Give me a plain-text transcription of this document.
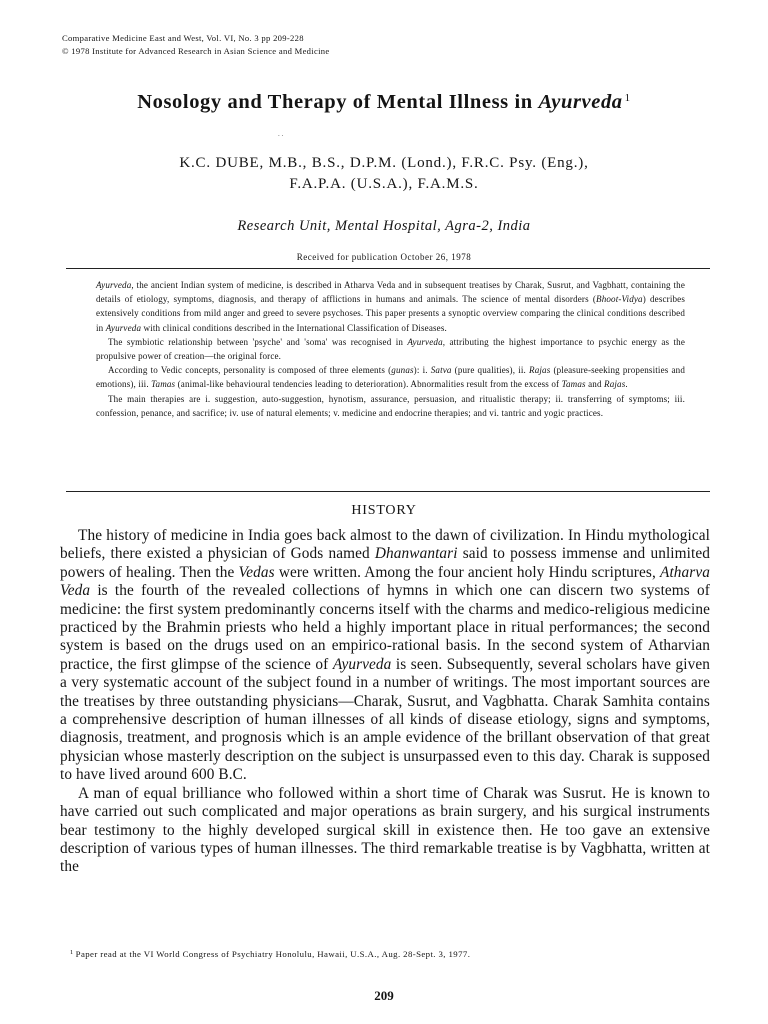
Comparative Medicine East and West, Vol. VI, No. 3 pp 209-228
© 1978 Institute for Advanced Research in Asian Science and Medicine
Nosology and Therapy of Mental Illness in Ayurveda $^1$
. .
K.C. DUBE, M.B., B.S., D.P.M. (Lond.), F.R.C. Psy. (Eng.),
F.A.P.A. (U.S.A.), F.A.M.S.
Research Unit, Mental Hospital, Agra-2, India
Received for publication October 26, 1978

Ayurveda, the ancient Indian system of medicine, is described in Atharva Veda and in subsequent treatises by Charak, Susrut, and Vagbhatt, containing the details of etiology, symptoms, diagnosis, and therapy of afflictions in humans and animals. The science of mental disorders (Bhoot-Vidya) describes extensively conditions from mild anger and greed to severe psychoses. This paper presents a synoptic overview comparing the clinical conditions described in Ayurveda with clinical conditions described in the International Classification of Diseases.

The symbiotic relationship between 'psyche' and 'soma' was recognised in Ayurveda, attributing the highest importance to psychic energy as the propulsive power of creation—the original force.

According to Vedic concepts, personality is composed of three elements (gunas): i. Satva (pure qualities), ii. Rajas (pleasure-seeking propensities and emotions), iii. Tamas (animal-like behavioural tendencies leading to deterioration). Abnormalities result from the excess of Tamas and Rajas.

The main therapies are i. suggestion, auto-suggestion, hynotism, assurance, persuasion, and ritualistic therapy; ii. transferring of symptoms; iii. confession, penance, and sacrifice; iv. use of natural elements; v. medicine and endocrine therapies; and vi. tantric and yogic practices.

HISTORY

The history of medicine in India goes back almost to the dawn of civilization. In Hindu mythological beliefs, there existed a physician of Gods named Dhanwantari said to possess immense and unlimited powers of healing. Then the Vedas were written. Among the four ancient holy Hindu scriptures, Atharva Veda is the fourth of the revealed collections of hymns in which one can discern two systems of medicine: the first system predominantly concerns itself with the charms and medico-religious medicine practiced by the Brahmin priests who held a highly important place in ritual performances; the second system is based on the drugs used on an empirico-rational basis. In the second system of Atharvian practice, the first glimpse of the science of Ayurveda is seen. Subsequently, several scholars have given a very systematic account of the subject found in a number of writings. The most important sources are the treatises by three outstanding physicians—Charak, Susrut, and Vagbhatta. Charak Samhita contains a comprehensive description of human illnesses of all kinds of disease etiology, signs and symptoms, diagnosis, treatment, and prognosis which is an ample evidence of the brillant observation of that great physician whose masterly description on the subject is unsurpassed even to this day. Charak is supposed to have lived around 600 B.C.

A man of equal brilliance who followed within a short time of Charak was Susrut. He is known to have carried out such complicated and major operations as brain surgery, and his surgical instruments bear testimony to the highly developed surgical skill in existence then. He too gave an extensive description of various types of human illnesses. The third remarkable treatise is by Vagbhatta, written at the

$^1$ Paper read at the VI World Congress of Psychiatry Honolulu, Hawaii, U.S.A., Aug. 28-Sept. 3, 1977.
209
